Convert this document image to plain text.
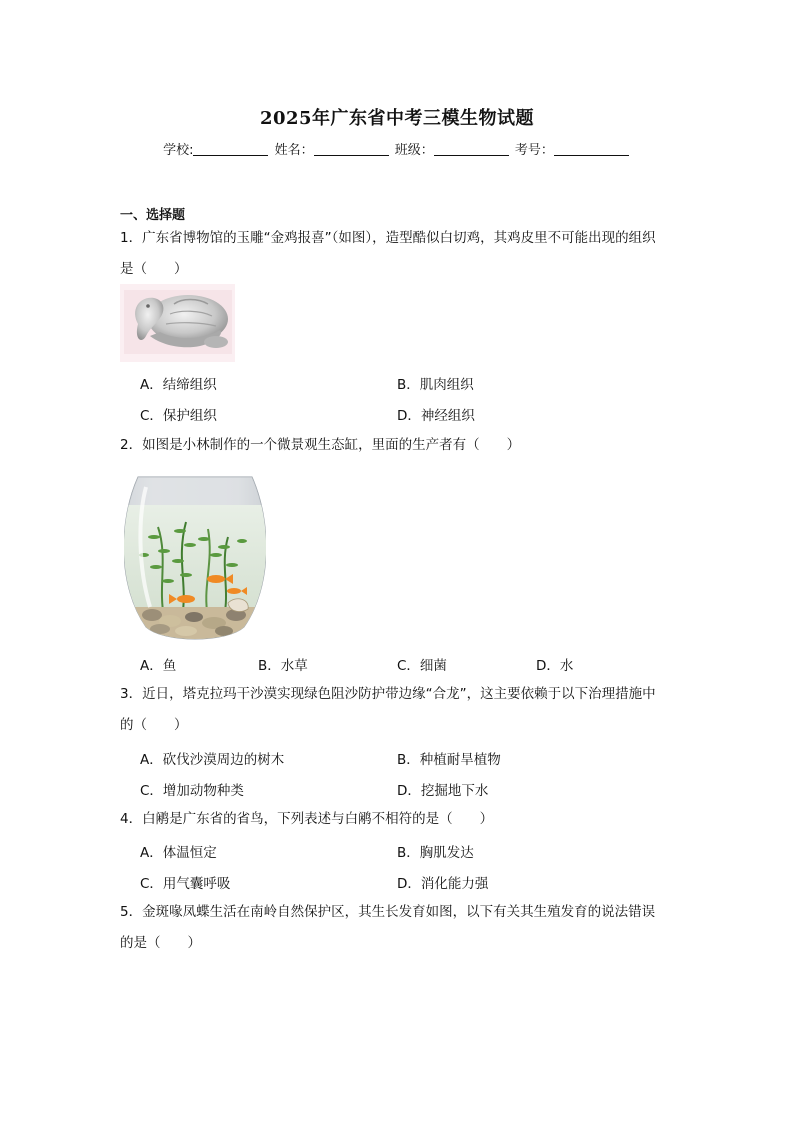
2025年广东省中考三模生物试题
学校:	姓名：	班级：	考号：
一、选择题
1．广东省博物馆的玉雕“金鸡报喜”（如图），造型酷似白切鸡，其鸡皮里不可能出现的组织
是（　　）
A．结缔组织	B．肌肉组织
C．保护组织	D．神经组织
2．如图是小林制作的一个微景观生态缸，里面的生产者有（　　）
A．鱼	B．水草	C．细菌	D．水
3．近日，塔克拉玛干沙漠实现绿色阻沙防护带边缘“合龙”，这主要依赖于以下治理措施中
的（　　）
A．砍伐沙漠周边的树木	B．种植耐旱植物
C．增加动物种类	D．挖掘地下水
4．白鹇是广东省的省鸟，下列表述与白鹇不相符的是（　　）
A．体温恒定	B．胸肌发达
C．用气囊呼吸	D．消化能力强
5．金斑喙凤蝶生活在南岭自然保护区，其生长发育如图，以下有关其生殖发育的说法错误
的是（　　）
